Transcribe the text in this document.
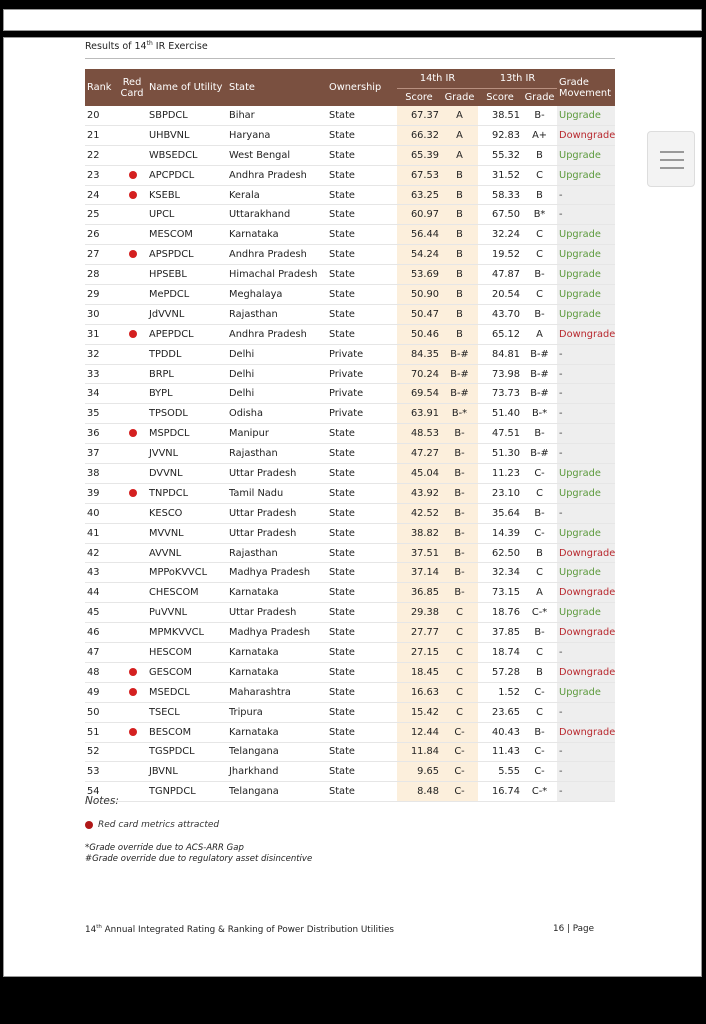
Results of 14th IR Exercise
Rank	Red Card	Name of Utility	State	Ownership	14th IR		13th IR		Grade Movement
					Score	Grade	Score	Grade	
20		SBPDCL	Bihar	State	67.37	A	38.51	B-	Upgrade
21		UHBVNL	Haryana	State	66.32	A	92.83	A+	Downgrade
22		WBSEDCL	West Bengal	State	65.39	A	55.32	B	Upgrade
23		APCPDCL	Andhra Pradesh	State	67.53	B	31.52	C	Upgrade
24		KSEBL	Kerala	State	63.25	B	58.33	B	-
25		UPCL	Uttarakhand	State	60.97	B	67.50	B*	-
26		MESCOM	Karnataka	State	56.44	B	32.24	C	Upgrade
27		APSPDCL	Andhra Pradesh	State	54.24	B	19.52	C	Upgrade
28		HPSEBL	Himachal Pradesh	State	53.69	B	47.87	B-	Upgrade
29		MePDCL	Meghalaya	State	50.90	B	20.54	C	Upgrade
30		JdVVNL	Rajasthan	State	50.47	B	43.70	B-	Upgrade
31		APEPDCL	Andhra Pradesh	State	50.46	B	65.12	A	Downgrade
32		TPDDL	Delhi	Private	84.35	B-#	84.81	B-#	-
33		BRPL	Delhi	Private	70.24	B-#	73.98	B-#	-
34		BYPL	Delhi	Private	69.54	B-#	73.73	B-#	-
35		TPSODL	Odisha	Private	63.91	B-*	51.40	B-*	-
36		MSPDCL	Manipur	State	48.53	B-	47.51	B-	-
37		JVVNL	Rajasthan	State	47.27	B-	51.30	B-#	-
38		DVVNL	Uttar Pradesh	State	45.04	B-	11.23	C-	Upgrade
39		TNPDCL	Tamil Nadu	State	43.92	B-	23.10	C	Upgrade
40		KESCO	Uttar Pradesh	State	42.52	B-	35.64	B-	-
41		MVVNL	Uttar Pradesh	State	38.82	B-	14.39	C-	Upgrade
42		AVVNL	Rajasthan	State	37.51	B-	62.50	B	Downgrade
43		MPPoKVVCL	Madhya Pradesh	State	37.14	B-	32.34	C	Upgrade
44		CHESCOM	Karnataka	State	36.85	B-	73.15	A	Downgrade
45		PuVVNL	Uttar Pradesh	State	29.38	C	18.76	C-*	Upgrade
46		MPMKVVCL	Madhya Pradesh	State	27.77	C	37.85	B-	Downgrade
47		HESCOM	Karnataka	State	27.15	C	18.74	C	-
48		GESCOM	Karnataka	State	18.45	C	57.28	B	Downgrade
49		MSEDCL	Maharashtra	State	16.63	C	1.52	C-	Upgrade
50		TSECL	Tripura	State	15.42	C	23.65	C	-
51		BESCOM	Karnataka	State	12.44	C-	40.43	B-	Downgrade
52		TGSPDCL	Telangana	State	11.84	C-	11.43	C-	-
53		JBVNL	Jharkhand	State	9.65	C-	5.55	C-	-
54		TGNPDCL	Telangana	State	8.48	C-	16.74	C-*	-
Notes:
Red card metrics attracted
*Grade override due to ACS-ARR Gap
#Grade override due to regulatory asset disincentive
14th Annual Integrated Rating & Ranking of Power Distribution Utilities	16 | Page
